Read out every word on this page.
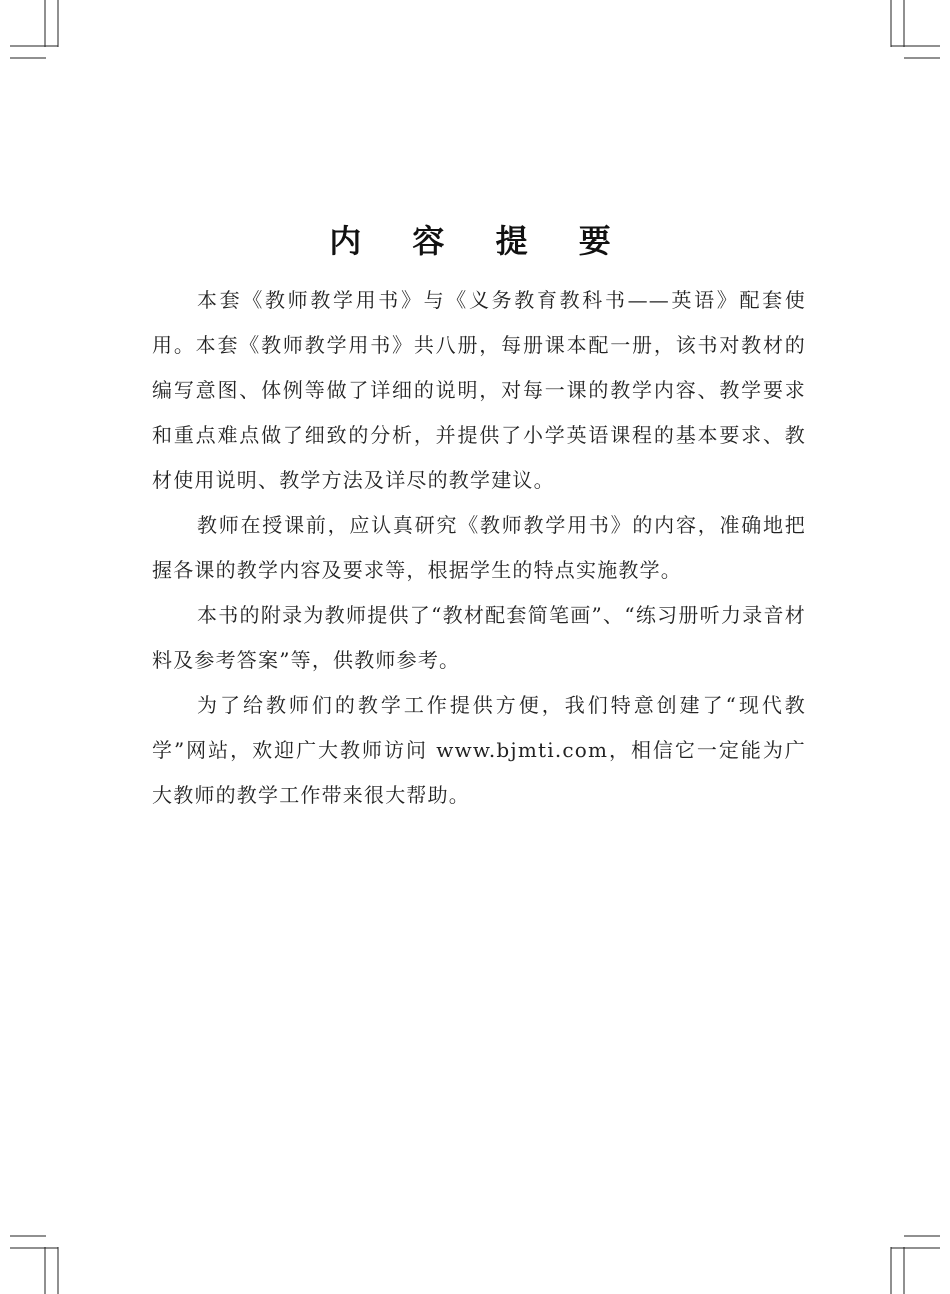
内 容 提 要

本套《教师教学用书》与《义务教育教科书——英语》配套使用。本套《教师教学用书》共八册，每册课本配一册，该书对教材的编写意图、体例等做了详细的说明，对每一课的教学内容、教学要求和重点难点做了细致的分析，并提供了小学英语课程的基本要求、教材使用说明、教学方法及详尽的教学建议。

教师在授课前，应认真研究《教师教学用书》的内容，准确地把握各课的教学内容及要求等，根据学生的特点实施教学。

本书的附录为教师提供了“教材配套简笔画”、“练习册听力录音材料及参考答案”等，供教师参考。

为了给教师们的教学工作提供方便，我们特意创建了“现代教学”网站，欢迎广大教师访问 www.bjmti.com，相信它一定能为广大教师的教学工作带来很大帮助。
